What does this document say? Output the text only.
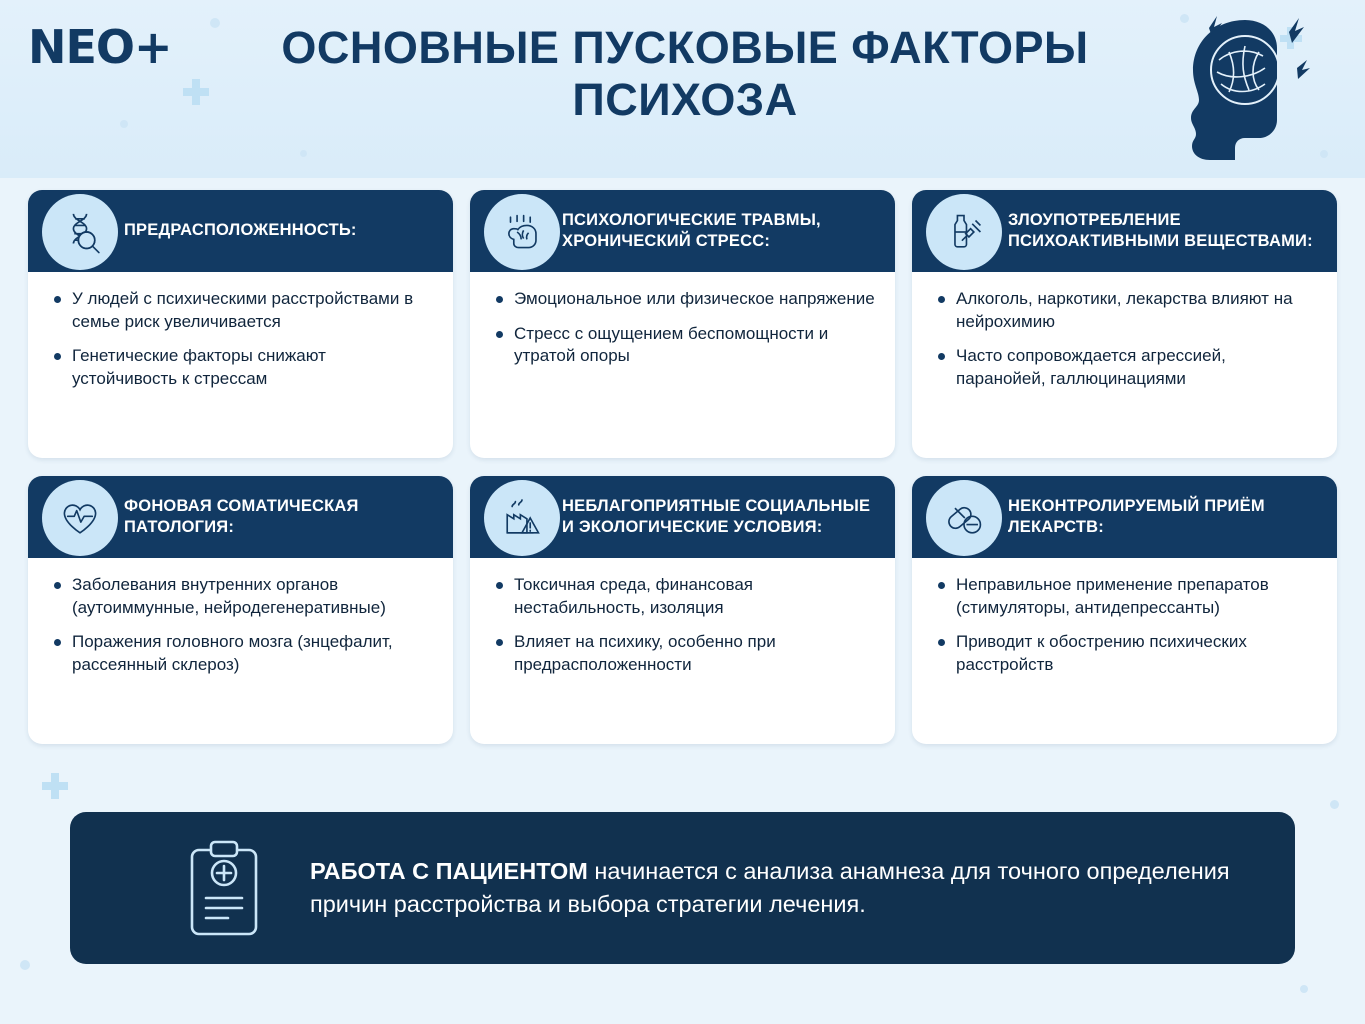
NEO+	ОСНОВНЫЕ ПУСКОВЫЕ ФАКТОРЫ ПСИХОЗА
ПРЕДРАСПОЛОЖЕННОСТЬ:
У людей с психическими расстройствами в семье риск увеличивается
Генетические факторы снижают устойчивость к стрессам
ПСИХОЛОГИЧЕСКИЕ ТРАВМЫ, ХРОНИЧЕСКИЙ СТРЕСС:
Эмоциональное или физическое напряжение
Стресс с ощущением беспомощности и утратой опоры
ЗЛОУПОТРЕБЛЕНИЕ ПСИХОАКТИВНЫМИ ВЕЩЕСТВАМИ:
Алкоголь, наркотики, лекарства влияют на нейрохимию
Часто сопровождается агрессией, паранойей, галлюцинациями
ФОНОВАЯ СОМАТИЧЕСКАЯ ПАТОЛОГИЯ:
Заболевания внутренних органов (аутоиммунные, нейродегенеративные)
Поражения головного мозга (знцефалит, рассеянный склероз)
НЕБЛАГОПРИЯТНЫЕ СОЦИАЛЬНЫЕ И ЭКОЛОГИЧЕСКИЕ УСЛОВИЯ:
Токсичная среда, финансовая нестабильность, изоляция
Влияет на психику, особенно при предрасположенности
НЕКОНТРОЛИРУЕМЫЙ ПРИЁМ ЛЕКАРСТВ:
Неправильное применение препаратов (стимуляторы, антидепрессанты)
Приводит к обострению психических расстройств
РАБОТА С ПАЦИЕНТОМ начинается с анализа анамнеза для точного определения причин расстройства и выбора стратегии лечения.
